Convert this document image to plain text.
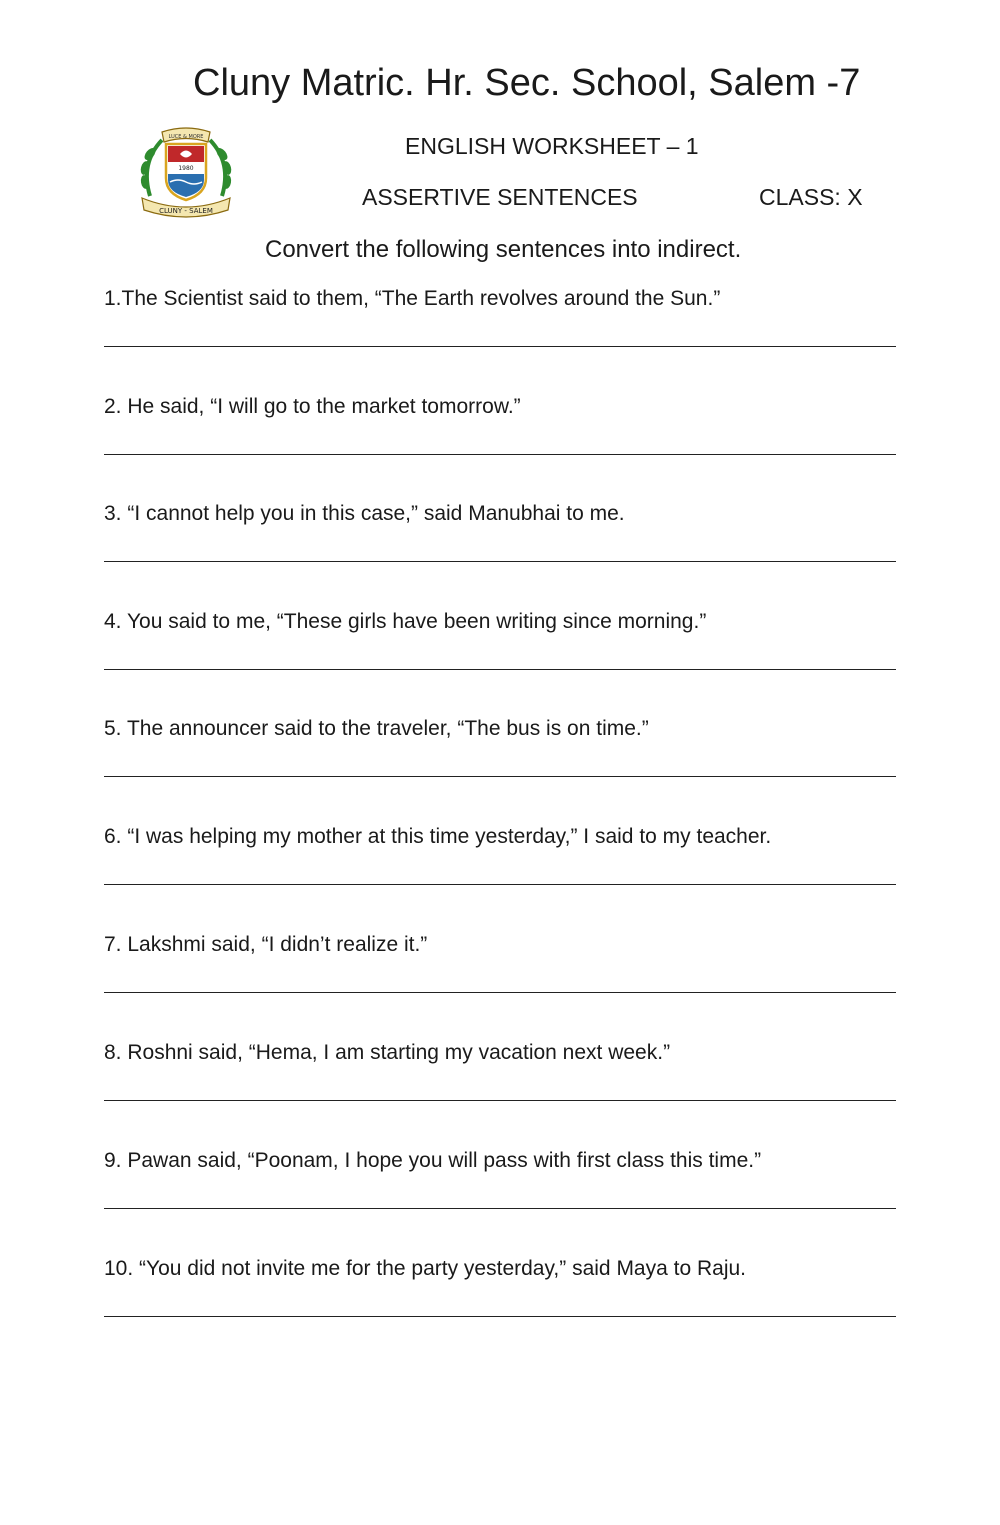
Cluny Matric. Hr. Sec. School, Salem -7
LUCE & MORE
1980
CLUNY - SALEM
ENGLISH WORKSHEET – 1
ASSERTIVE SENTENCES	CLASS: X
Convert the following sentences into indirect.
1.The Scientist said to them, “The Earth revolves around the Sun.”
2. He said, “I will go to the market tomorrow.”
3. “I cannot help you in this case,” said Manubhai to me.
4. You said to me, “These girls have been writing since morning.”
5. The announcer said to the traveler, “The bus is on time.”
6. “I was helping my mother at this time yesterday,” I said to my teacher.
7. Lakshmi said, “I didn’t realize it.”
8. Roshni said, “Hema, I am starting my vacation next week.”
9. Pawan said, “Poonam, I hope you will pass with first class this time.”
10. “You did not invite me for the party yesterday,” said Maya to Raju.
